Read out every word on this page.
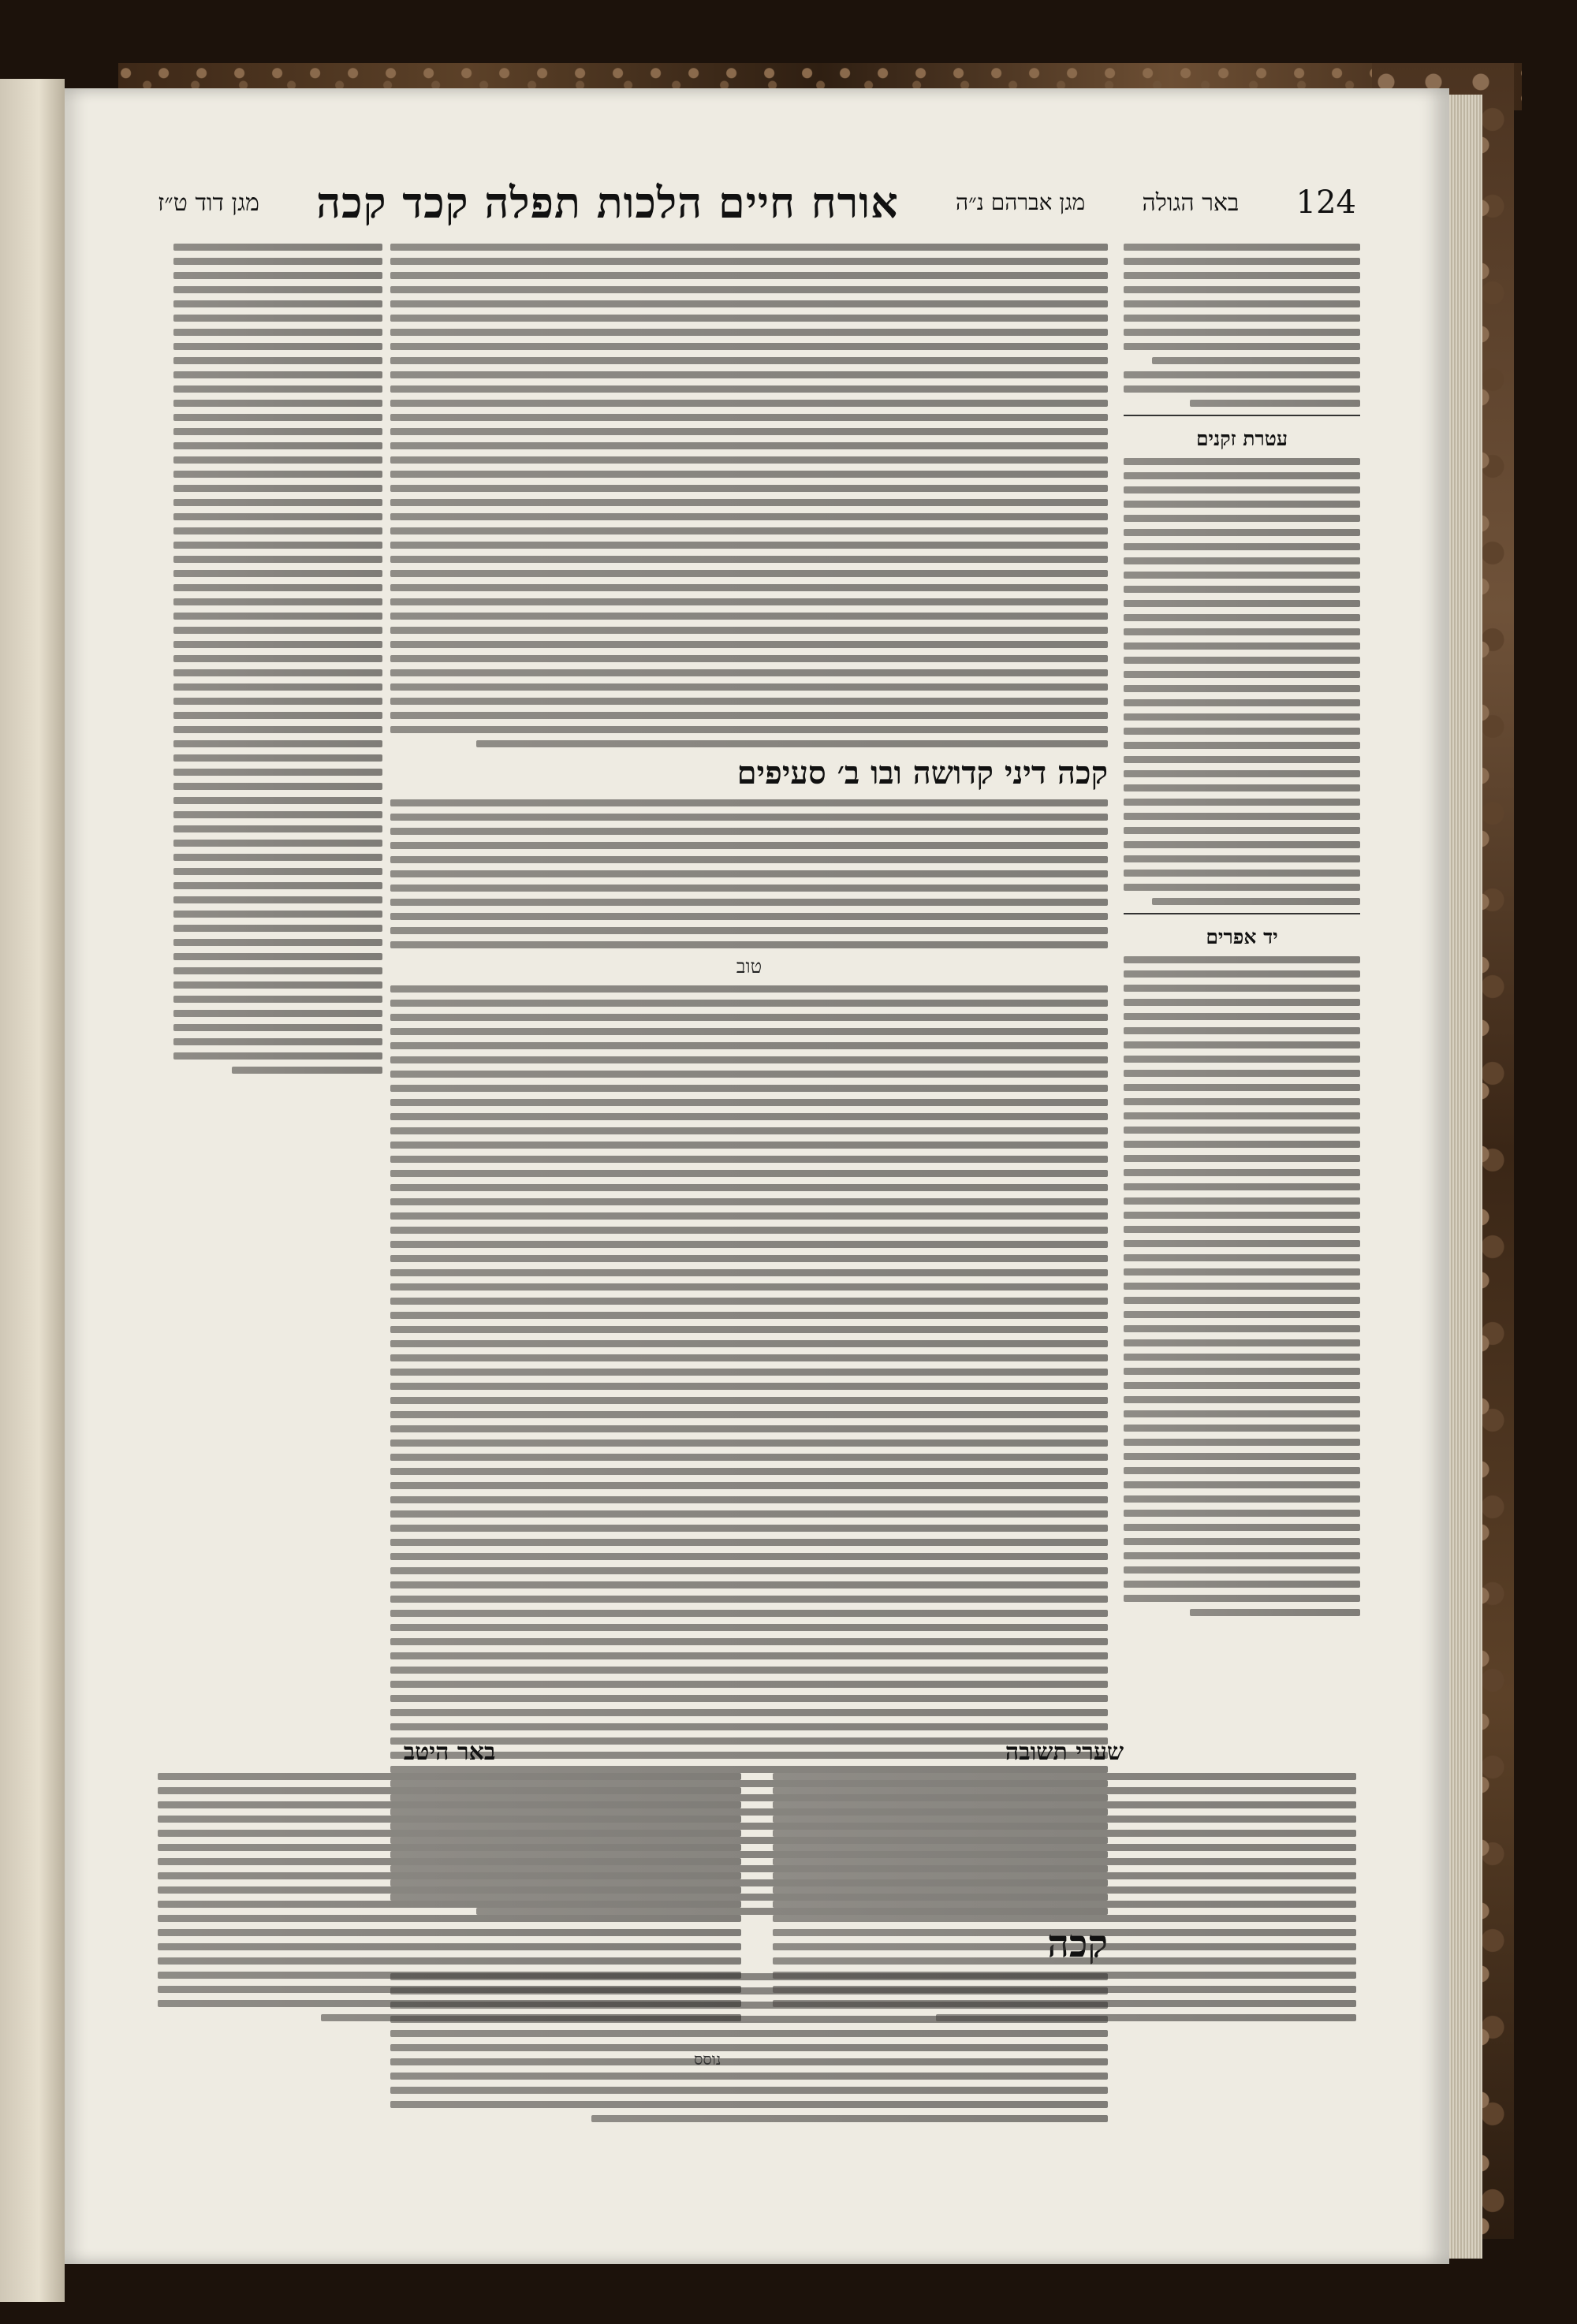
124
באר הגולה
מגן אברהם נ״ה
אורח חיים הלכות תפלה קכד קכה
מגן דוד ט״ז
עטרת זקנים
יד אפרים
קכה דיני קדושה ובו ב׳ סעיפים
טוב
שערי תשובה
באר היטב
נוסס
